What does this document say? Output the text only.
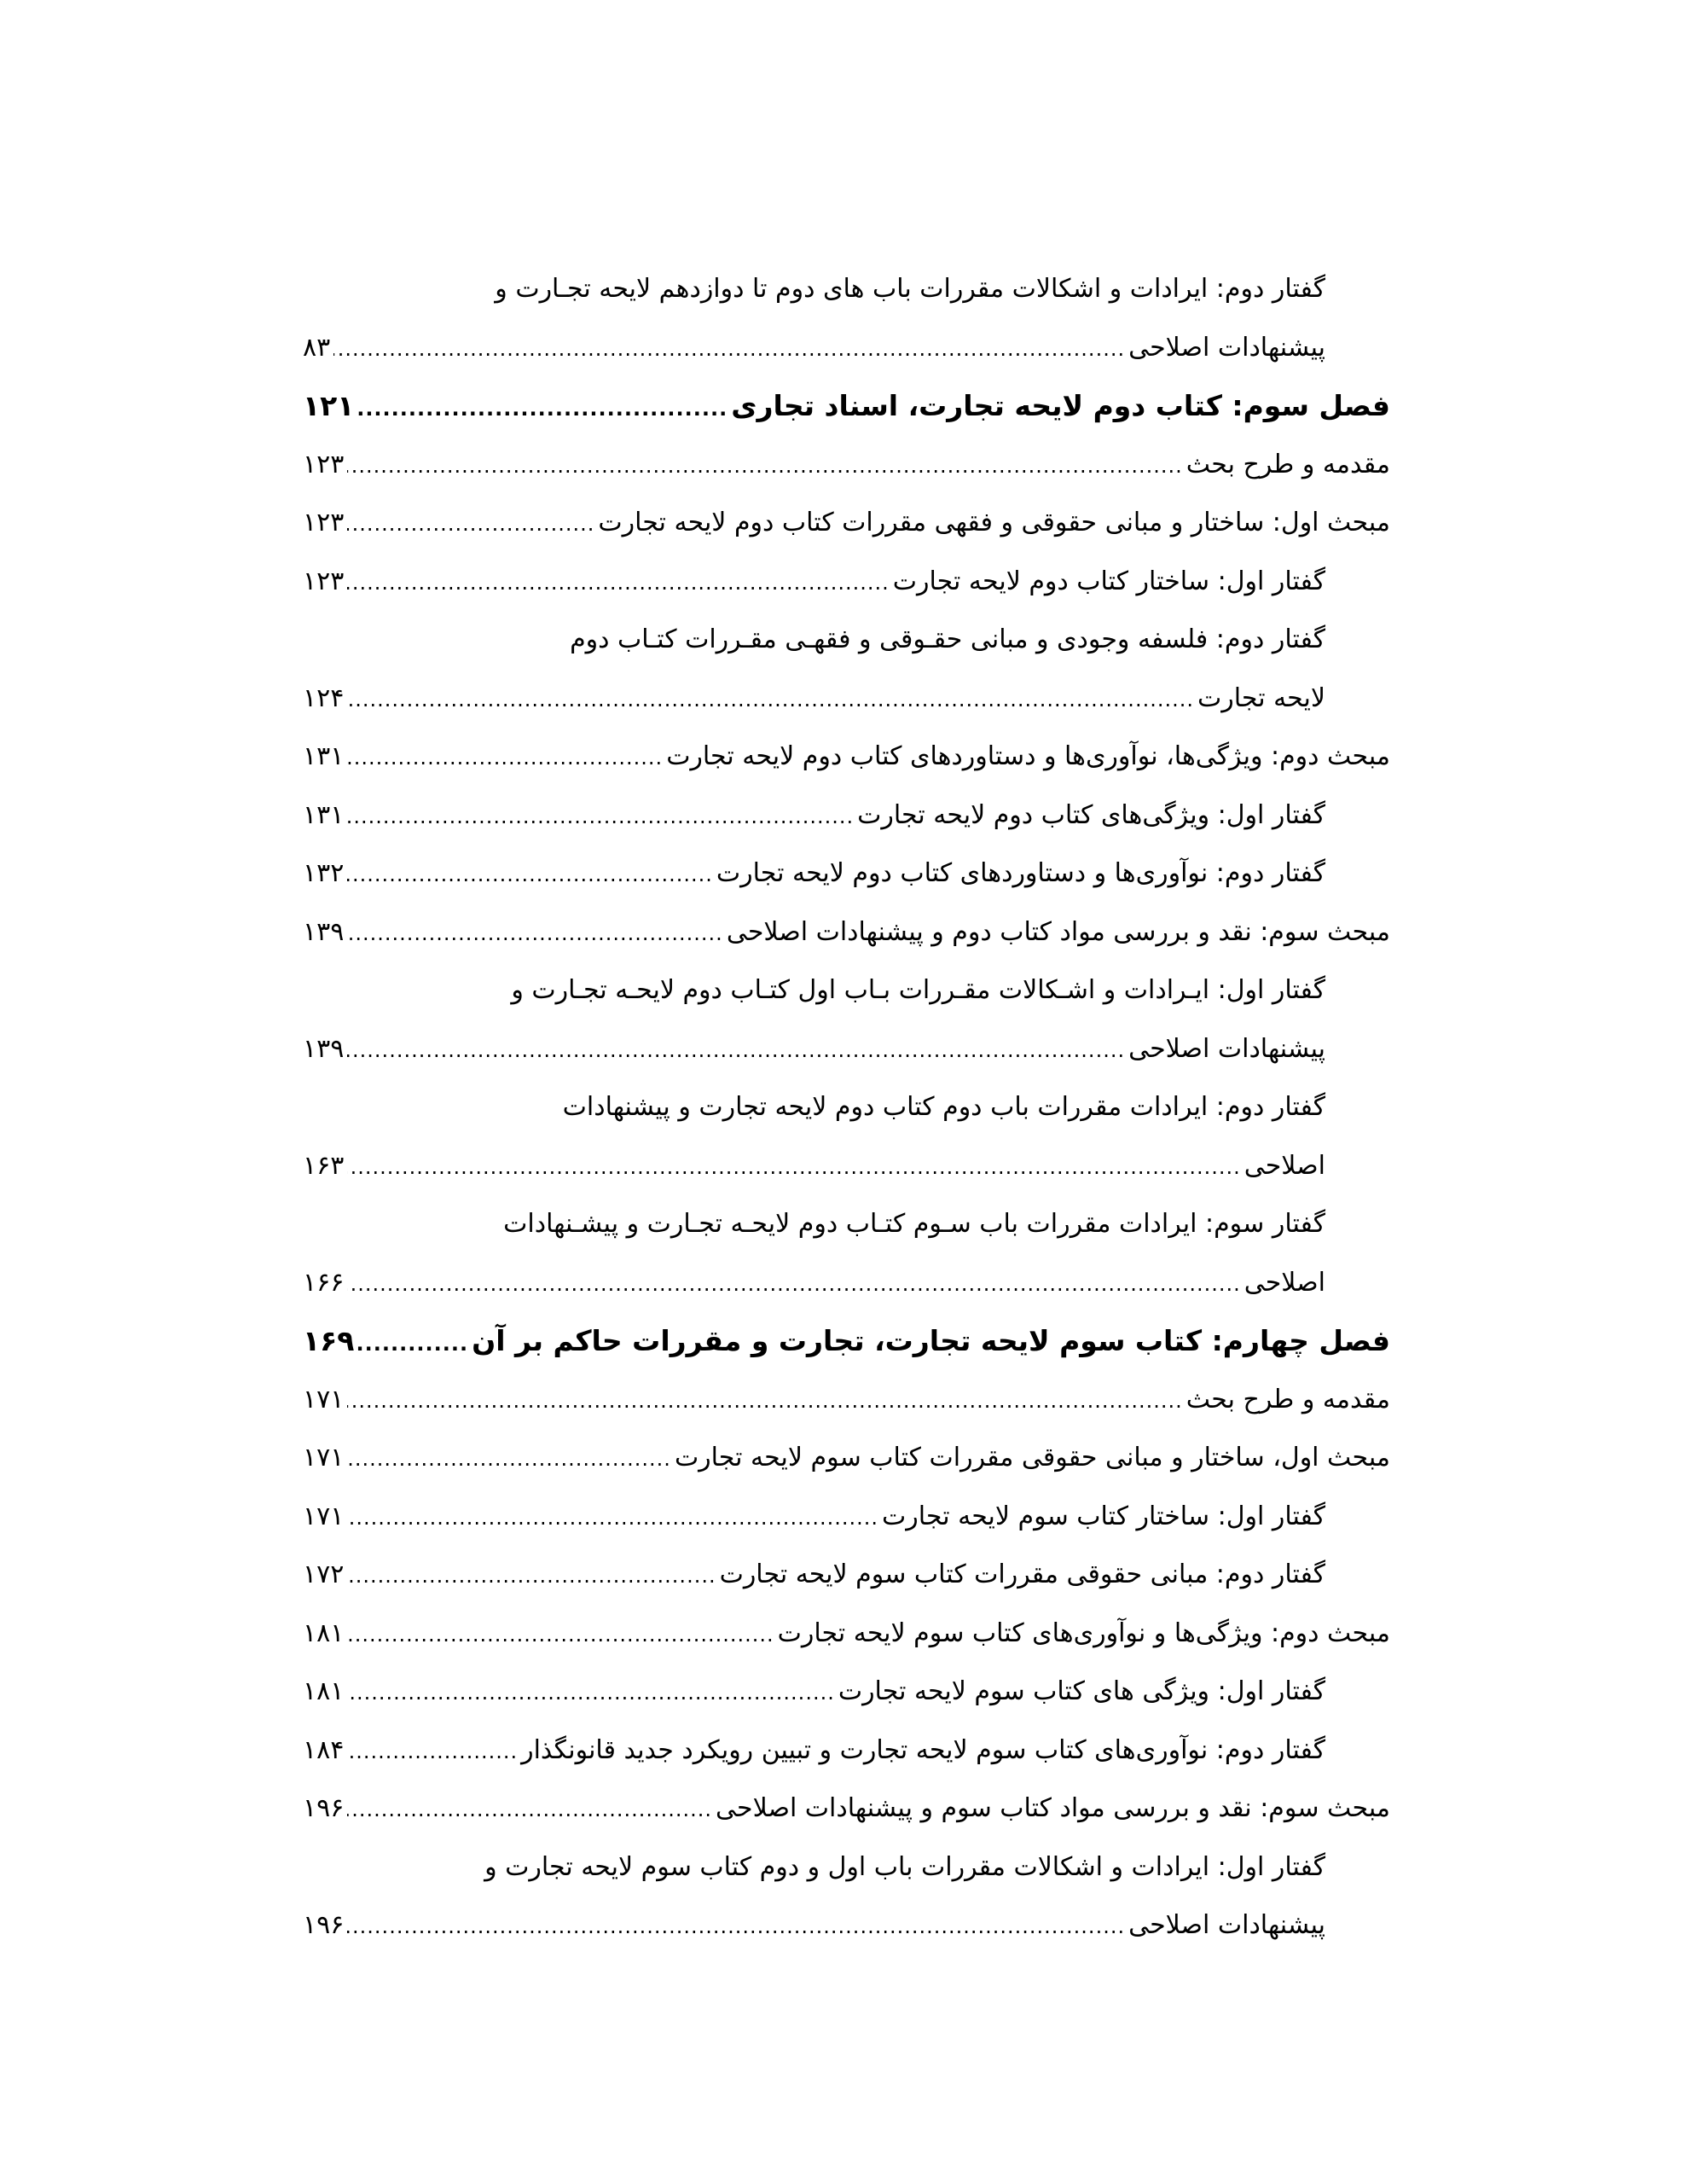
گفتار دوم: ایرادات و اشکالات مقررات باب های دوم تا دوازدهم لایحه تجـارت و
پیشنهادات اصلاحی
.....
۸۳
فصل سوم: کتاب دوم لایحه تجارت، اسناد تجاری
.....
۱۲۱
مقدمه و طرح بحث
.....
۱۲۳
مبحث اول: ساختار و مبانی حقوقی و فقهی مقررات کتاب دوم لایحه تجارت
.....
۱۲۳
گفتار اول: ساختار کتاب دوم لایحه تجارت
.....
۱۲۳
گفتار دوم: فلسفه وجودی و مبانی حقـوقی و فقهـی مقـررات کتـاب دوم
لایحه تجارت
.....
۱۲۴
مبحث دوم: ویژگی‌ها، نوآوری‌ها و دستاوردهای کتاب دوم لایحه تجارت
.....
۱۳۱
گفتار اول: ویژگی‌های کتاب دوم لایحه تجارت
.....
۱۳۱
گفتار دوم: نوآوری‌ها و دستاوردهای کتاب دوم لایحه تجارت
.....
۱۳۲
مبحث سوم: نقد و بررسی مواد کتاب دوم و پیشنهادات اصلاحی
.....
۱۳۹
گفتار اول: ایـرادات و اشـکالات مقـررات بـاب اول کتـاب دوم لایحـه تجـارت و
پیشنهادات اصلاحی
.....
۱۳۹
گفتار دوم: ایرادات مقررات باب دوم کتاب دوم لایحه تجارت و پیشنهادات
اصلاحی
.....
۱۶۳
گفتار سوم: ایرادات مقررات باب سـوم کتـاب دوم لایحـه تجـارت و پیشـنهادات
اصلاحی
.....
۱۶۶
فصل چهارم: کتاب سوم لایحه تجارت، تجارت و مقررات حاکم بر آن
.....
۱۶۹
مقدمه و طرح بحث
.....
۱۷۱
مبحث اول، ساختار و مبانی حقوقی مقررات کتاب سوم لایحه تجارت
.....
۱۷۱
گفتار اول: ساختار کتاب سوم لایحه تجارت
.....
۱۷۱
گفتار دوم: مبانی حقوقی مقررات کتاب سوم لایحه تجارت
.....
۱۷۲
مبحث دوم: ویژگی‌ها و نوآوری‌های کتاب سوم لایحه تجارت
.....
۱۸۱
گفتار اول: ویژگی های کتاب سوم لایحه تجارت
.....
۱۸۱
گفتار دوم: نوآوری‌های کتاب سوم لایحه تجارت و تبیین رویکرد جدید قانونگذار
.....
۱۸۴
مبحث سوم: نقد و بررسی مواد کتاب سوم و پیشنهادات اصلاحی
.....
۱۹۶
گفتار اول: ایرادات و اشکالات مقررات باب اول و دوم کتاب سوم لایحه تجارت و
پیشنهادات اصلاحی
.....
۱۹۶
